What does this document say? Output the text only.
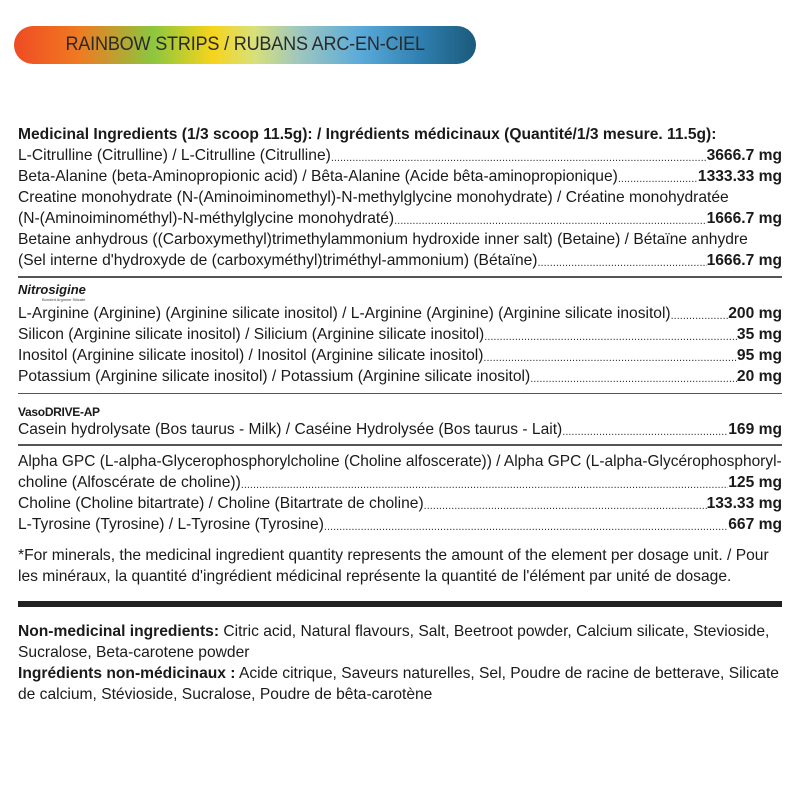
RAINBOW STRIPS / RUBANS ARC-EN-CIEL
Medicinal Ingredients (1/3 scoop 11.5g): / Ingrédients médicinaux (Quantité/1/3 mesure. 11.5g):
L-Citrulline (Citrulline) / L-Citrulline (Citrulline) .....	3666.7 mg
Beta-Alanine (beta-Aminopropionic acid) / Bêta-Alanine (Acide bêta-aminopropionique) .....	1333.33 mg
Creatine monohydrate (N-(Aminoiminomethyl)-N-methylglycine monohydrate) / Créatine monohydratée
(N-(Aminoiminométhyl)-N-méthylglycine monohydraté) .....	1666.7 mg
Betaine anhydrous ((Carboxymethyl)trimethylammonium hydroxide inner salt) (Betaine) / Bétaïne anhydre
(Sel interne d'hydroxyde de (carboxyméthyl)triméthyl-ammonium) (Bétaïne) .....	1666.7 mg
Nitrosigine
Bonded Arginine Silicate
L-Arginine (Arginine) (Arginine silicate inositol) / L-Arginine (Arginine) (Arginine silicate inositol) .....	200 mg
Silicon (Arginine silicate inositol) / Silicium (Arginine silicate inositol) .....	35 mg
Inositol (Arginine silicate inositol) / Inositol (Arginine silicate inositol) .....	95 mg
Potassium (Arginine silicate inositol) / Potassium (Arginine silicate inositol) .....	20 mg
VasoDRIVE-AP
Casein hydrolysate (Bos taurus - Milk) / Caséine Hydrolysée (Bos taurus - Lait) .....	169 mg
Alpha GPC (L-alpha-Glycerophosphorylcholine (Choline alfoscerate)) / Alpha GPC (L-alpha-Glycérophosphoryl-
choline (Alfoscérate de choline)) .....	125 mg
Choline (Choline bitartrate) / Choline (Bitartrate de choline) .....	133.33 mg
L-Tyrosine (Tyrosine) / L-Tyrosine (Tyrosine) .....	667 mg
*For minerals, the medicinal ingredient quantity represents the amount of the element per dosage unit. / Pour les minéraux, la quantité d'ingrédient médicinal représente la quantité de l'élément par unité de dosage.
Non-medicinal ingredients: Citric acid, Natural flavours, Salt, Beetroot powder, Calcium silicate, Stevioside, Sucralose, Beta-carotene powder
Ingrédients non-médicinaux : Acide citrique, Saveurs naturelles, Sel, Poudre de racine de betterave, Silicate de calcium, Stévioside, Sucralose, Poudre de bêta-carotène
